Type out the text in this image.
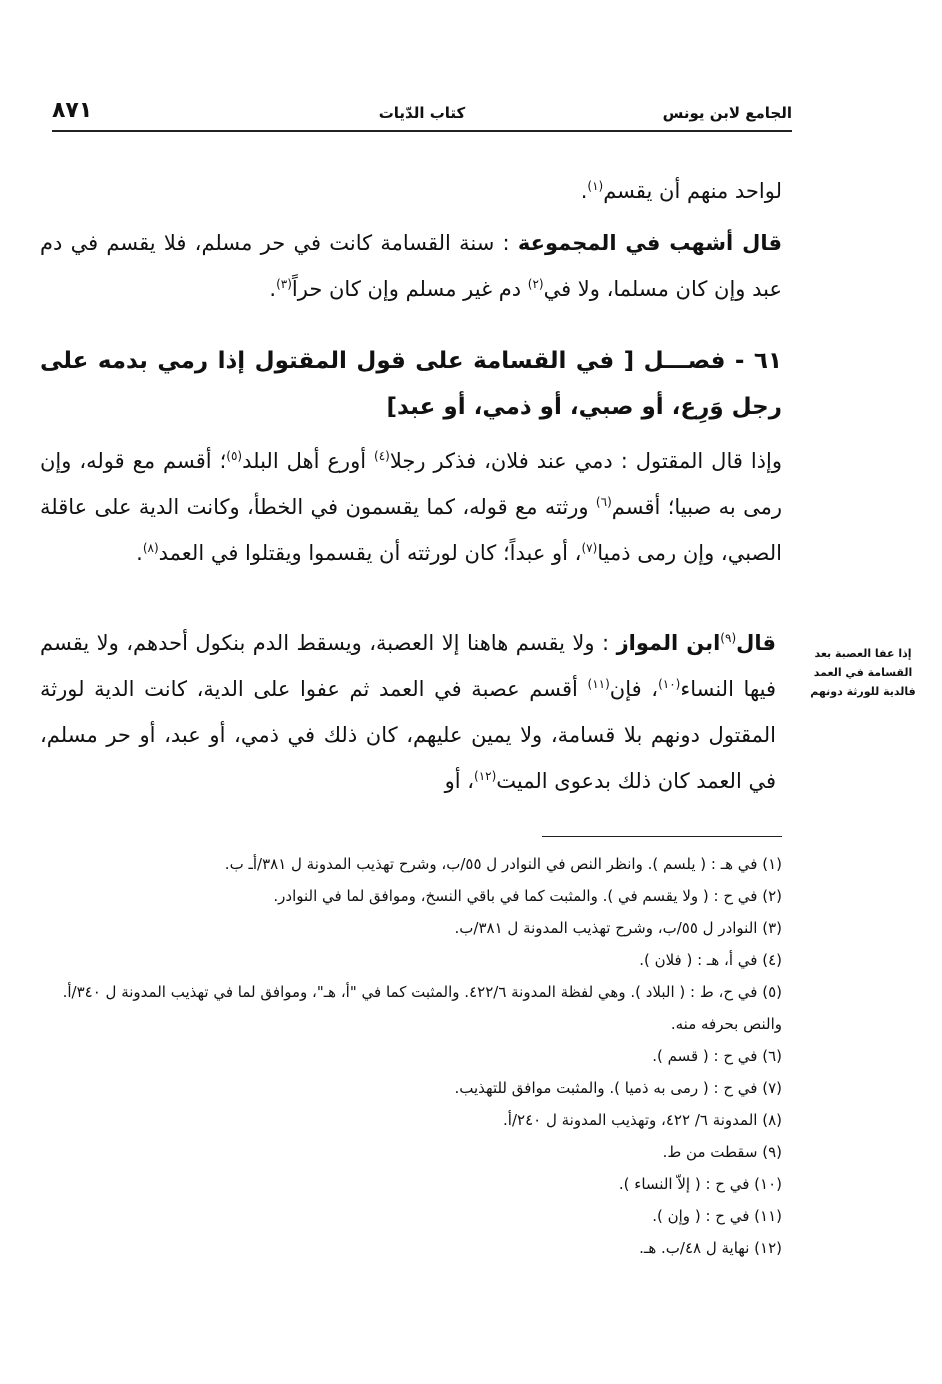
الجامع لابن يونس
كتاب الدّيات
٨٧١
لواحد منهم أن يقسم$^{(١)}$.
قال أشهب في المجموعة : سنة القسامة كانت في حر مسلم، فلا يقسم في دم عبد وإن كان مسلما، ولا في$^{(٢)}$ دم غير مسلم وإن كان حراً$^{(٣)}$.
٦١ - فصـــل [ في القسامة على قول المقتول إذا رمي بدمه على رجل وَرِع، أو صبي، أو ذمي، أو عبد]
وإذا قال المقتول : دمي عند فلان، فذكر رجلا$^{(٤)}$ أورع أهل البلد$^{(٥)}$؛ أقسم مع قوله، وإن رمى به صبيا؛ أقسم$^{(٦)}$ ورثته مع قوله، كما يقسمون في الخطأ، وكانت الدية على عاقلة الصبي، وإن رمى ذميا$^{(٧)}$، أو عبداً؛ كان لورثته أن يقسموا ويقتلوا في العمد$^{(٨)}$.
إذا عفا العصبة بعد القسامة في العمد فالدية للورثة دونهم
قال$^{(٩)}$ابن المواز : ولا يقسم هاهنا إلا العصبة، ويسقط الدم بنكول أحدهم، ولا يقسم فيها النساء$^{(١٠)}$، فإن$^{(١١)}$ أقسم عصبة في العمد ثم عفوا على الدية، كانت الدية لورثة المقتول دونهم بلا قسامة، ولا يمين عليهم، كان ذلك في ذمي، أو عبد، أو حر مسلم، في العمد كان ذلك بدعوى الميت$^{(١٢)}$، أو

(١) في هـ : ( يلسم ). وانظر النص في النوادر ل ٥٥/ب، وشرح تهذيب المدونة ل ٣٨١/أـ ب.

(٢) في ح : ( ولا يقسم في ). والمثبت كما في باقي النسخ، وموافق لما في النوادر.

(٣) النوادر ل ٥٥/ب، وشرح تهذيب المدونة ل ٣٨١/ب.

(٤) في أ، هـ : ( فلان ).

(٥) في ح، ط : ( البلاد ). وهي لفظة المدونة ٤٢٢/٦. والمثبت كما في "أ، هـ"، وموافق لما في تهذيب المدونة ل ٣٤٠/أ. والنص بحرفه منه.

(٦) في ح : ( قسم ).

(٧) في ح : ( رمى به ذميا ). والمثبت موافق للتهذيب.

(٨) المدونة ٦/ ٤٢٢، وتهذيب المدونة ل ٢٤٠/أ.

(٩) سقطت من ط.

(١٠) في ح : ( إلاّ النساء ).

(١١) في ح : ( وإن ).

(١٢) نهاية ل ٤٨/ب. هـ.
